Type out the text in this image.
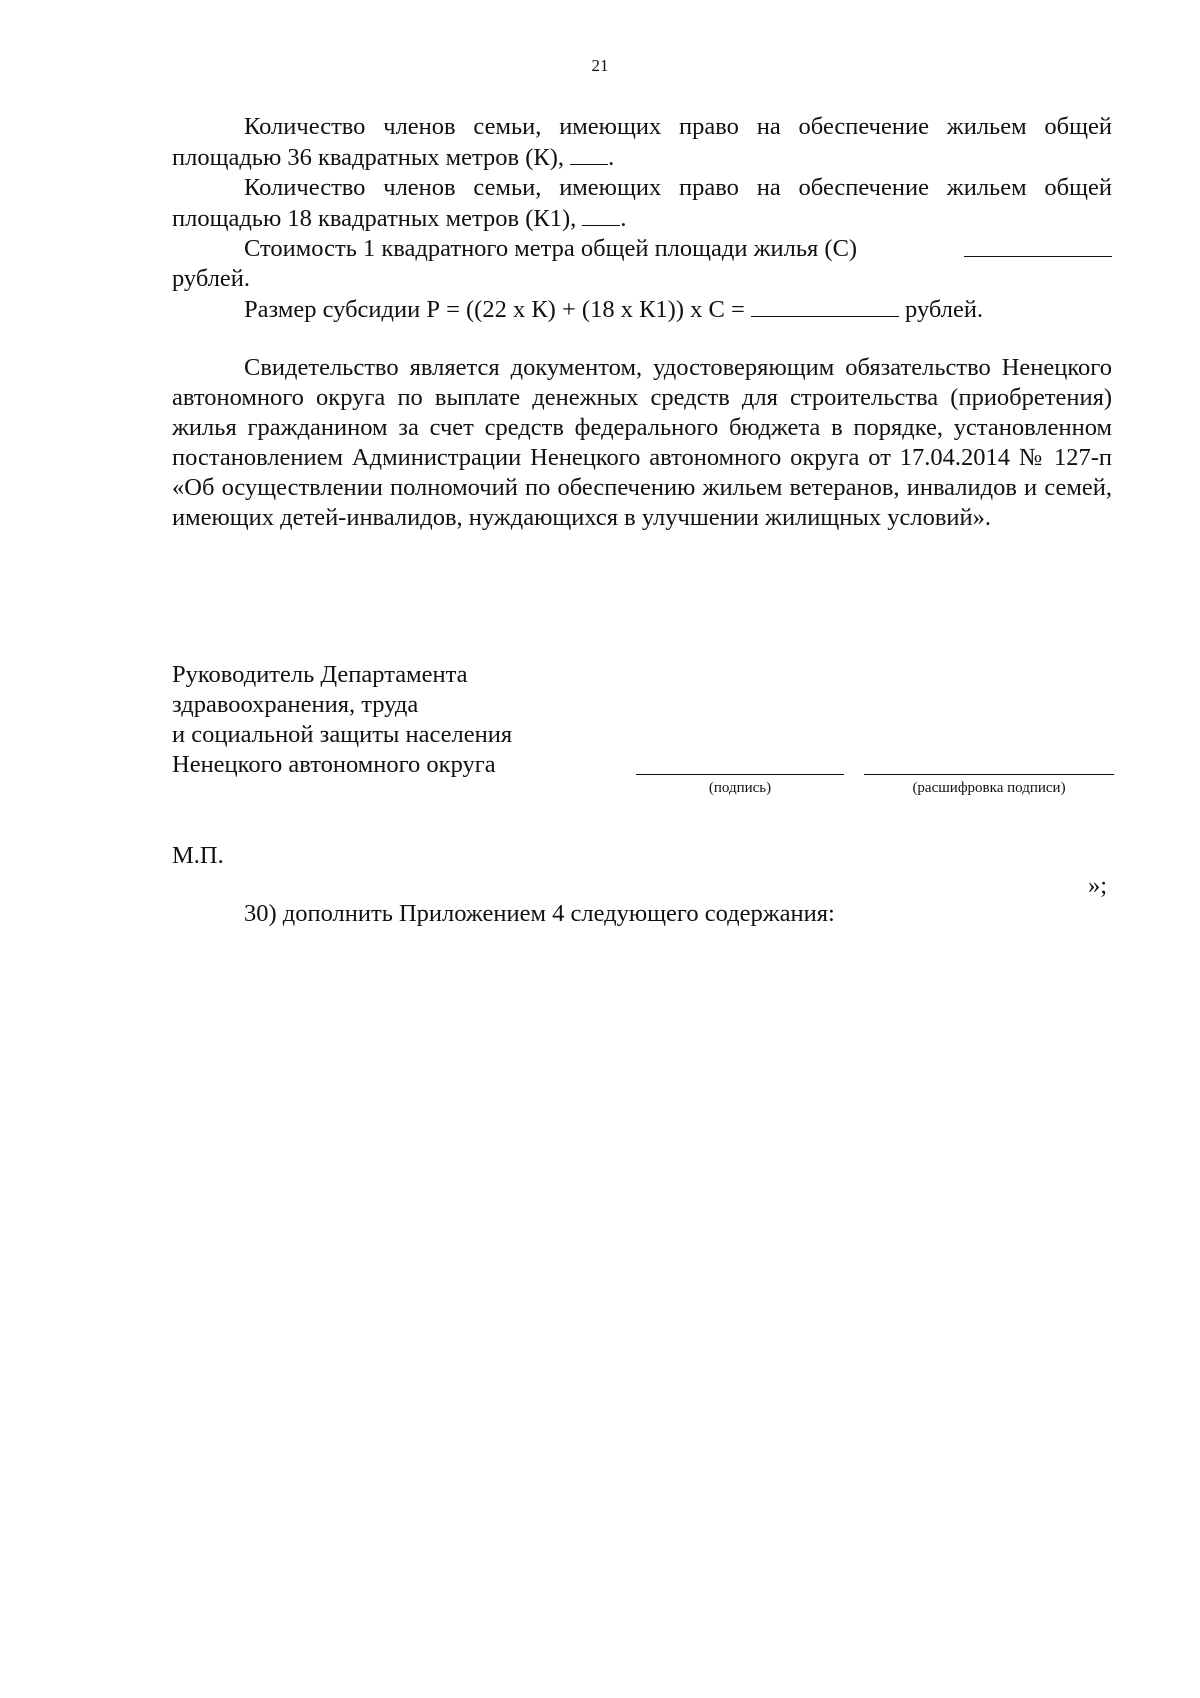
21

Количество членов семьи, имеющих право на обеспечение жильем общей

площадью 36 квадратных метров (К), .

Количество членов семьи, имеющих право на обеспечение жильем общей

площадью 18 квадратных метров (К1), .
Стоимость 1 квадратного метра общей площади жилья (С)
рублей.
Размер субсидии Р = ((22 х К) + (18 х К1)) х С =	рублей.

Свидетельство является документом, удостоверяющим обязательство Ненецкого автономного округа по выплате денежных средств для строительства (приобретения) жилья гражданином за счет средств федерального бюджета в порядке, установленном постановлением Администрации Ненецкого автономного округа от 17.04.2014 № 127-п «Об осуществлении полномочий по обеспечению жильем ветеранов, инвалидов и семей, имеющих детей-инвалидов, нуждающихся в улучшении жилищных условий».

Руководитель Департамента
здравоохранения, труда
и социальной защиты населения
Ненецкого автономного округа
(подпись)	(расшифровка подписи)
М.П.
»;
30) дополнить Приложением 4 следующего содержания:
